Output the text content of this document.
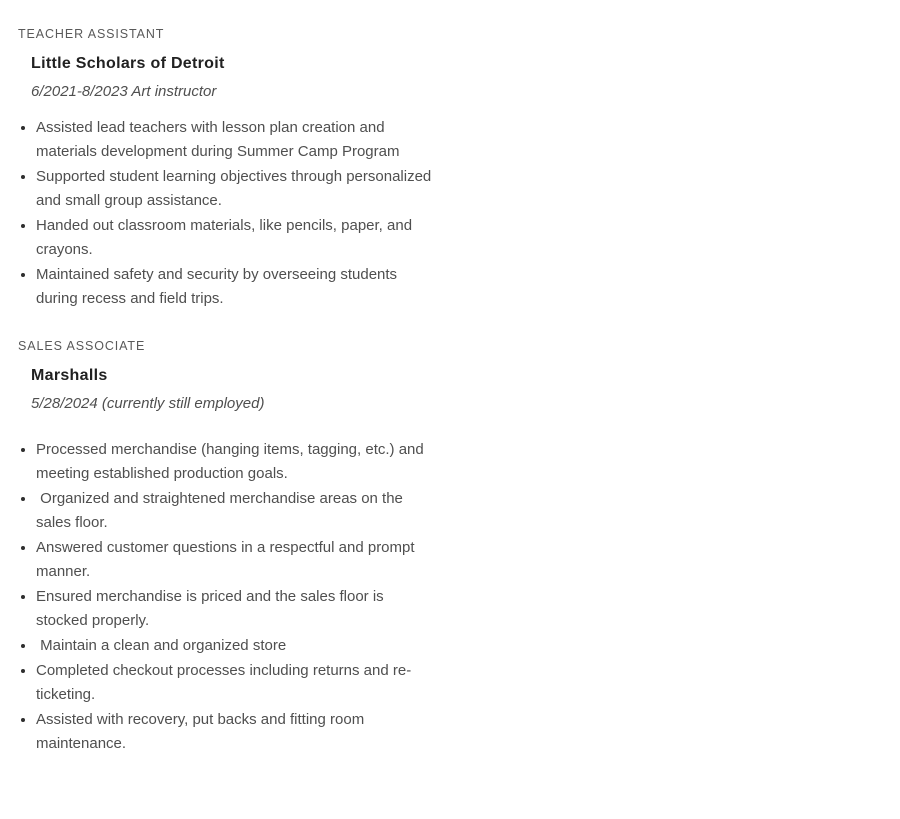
TEACHER ASSISTANT
Little Scholars of Detroit
6/2021-8/2023 Art instructor
• Assisted lead teachers with lesson plan creation and materials development during Summer Camp Program
• Supported student learning objectives through personalized and small group assistance.
• Handed out classroom materials, like pencils, paper, and crayons.
• Maintained safety and security by overseeing students during recess and field trips.
SALES ASSOCIATE
Marshalls
5/28/2024 (currently still employed)
• Processed merchandise (hanging items, tagging, etc.) and meeting established production goals.
•  Organized and straightened merchandise areas on the sales floor.
• Answered customer questions in a respectful and prompt manner.
• Ensured merchandise is priced and the sales floor is stocked properly.
•  Maintain a clean and organized store
• Completed checkout processes including returns and re-ticketing.
• Assisted with recovery, put backs and fitting room maintenance.
